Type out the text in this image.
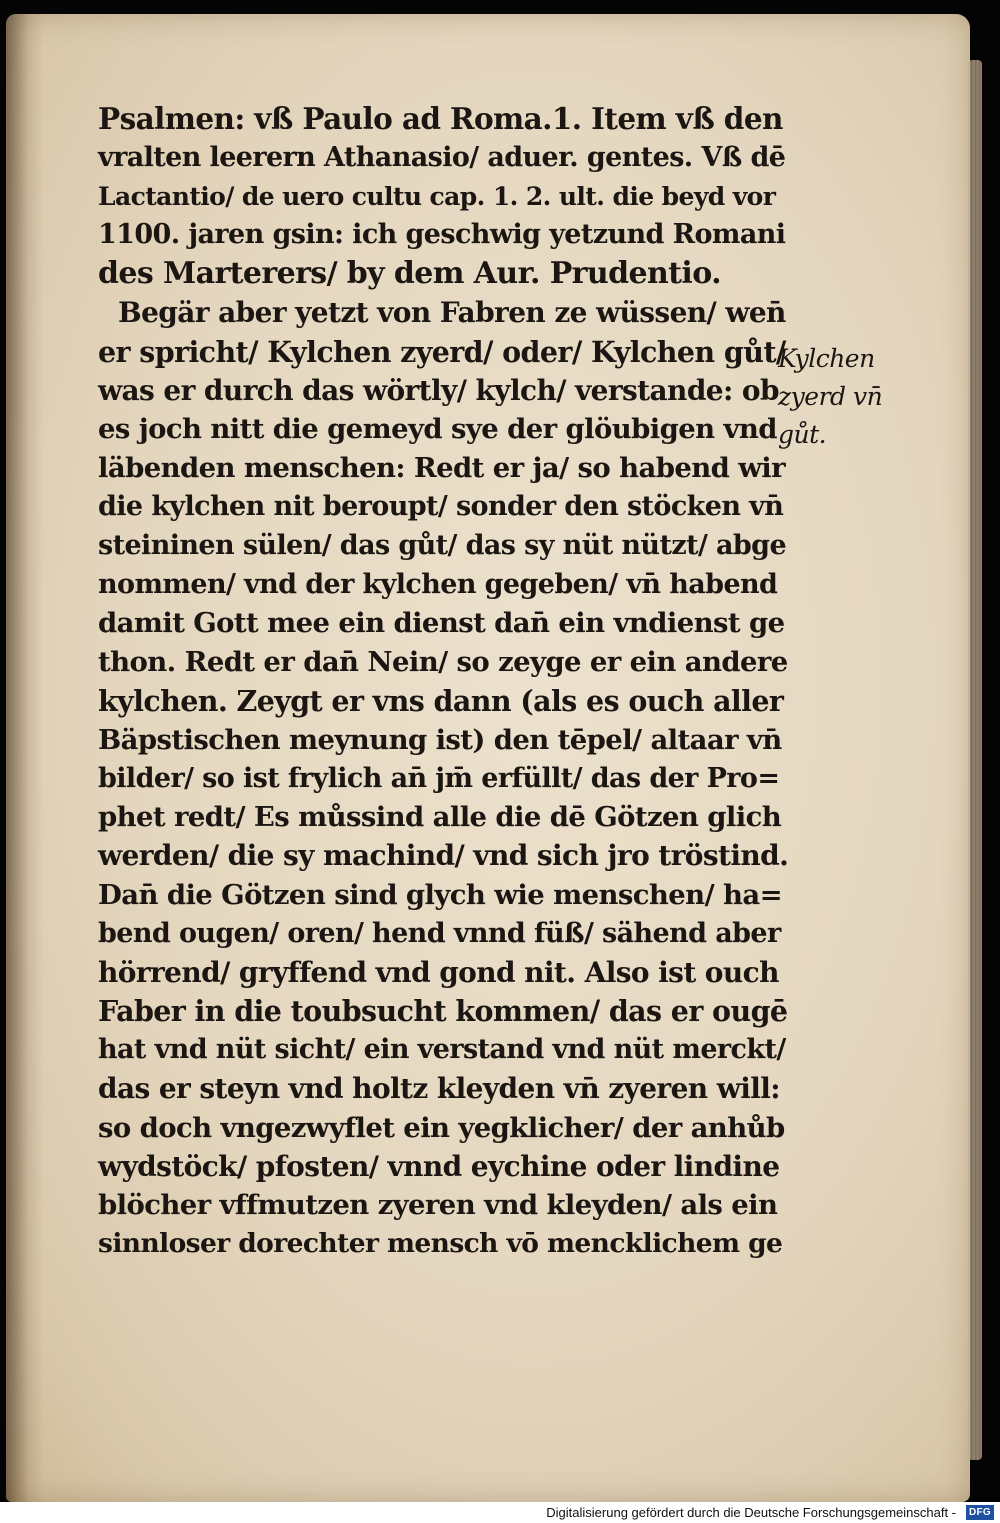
Psalmen: vß Paulo ad Roma.1. Item vß den
vralten leerern Athanasio/ aduer. gentes. Vß dē
Lactantio/ de uero cultu cap. 1. 2. ult. die beyd vor
1100. jaren gsin: ich geschwig yetzund Romani
des Marterers/ by dem Aur. Prudentio.
Begär aber yetzt von Fabren ze wüssen/ wen̄
er spricht/ Kylchen zyerd/ oder/ Kylchen gůt/
was er durch das wörtly/ kylch/ verstande: ob
es joch nitt die gemeyd sye der glöubigen vnd
läbenden menschen: Redt er ja/ so habend wir
die kylchen nit beroupt/ sonder den stöcken vn̄
steininen sülen/ das gůt/ das sy nüt nützt/ abge
nommen/ vnd der kylchen gegeben/ vn̄ habend
damit Gott mee ein dienst dan̄ ein vndienst ge
thon. Redt er dan̄ Nein/ so zeyge er ein andere
kylchen. Zeygt er vns dann (als es ouch aller
Bäpstischen meynung ist) den tēpel/ altaar vn̄
bilder/ so ist frylich an̄ jm̄ erfüllt/ das der Pro=
phet redt/ Es můssind alle die dē Götzen glich
werden/ die sy machind/ vnd sich jro tröstind.
Dan̄ die Götzen sind glych wie menschen/ ha=
bend ougen/ oren/ hend vnnd füß/ sähend aber
hörrend/ gryffend vnd gond nit. Also ist ouch
Faber in die toubsucht kommen/ das er ougē
hat vnd nüt sicht/ ein verstand vnd nüt merckt/
das er steyn vnd holtz kleyden vn̄ zyeren will:
so doch vngezwyflet ein yegklicher/ der anhůb
wydstöck/ pfosten/ vnnd eychine oder lindine
blöcher vffmutzen zyeren vnd kleyden/ als ein
sinnloser dorechter mensch vō mencklichem ge
Kylchen
zyerd vn̄
gůt.
Digitalisierung gefördert durch die Deutsche Forschungsgemeinschaft - DFG
